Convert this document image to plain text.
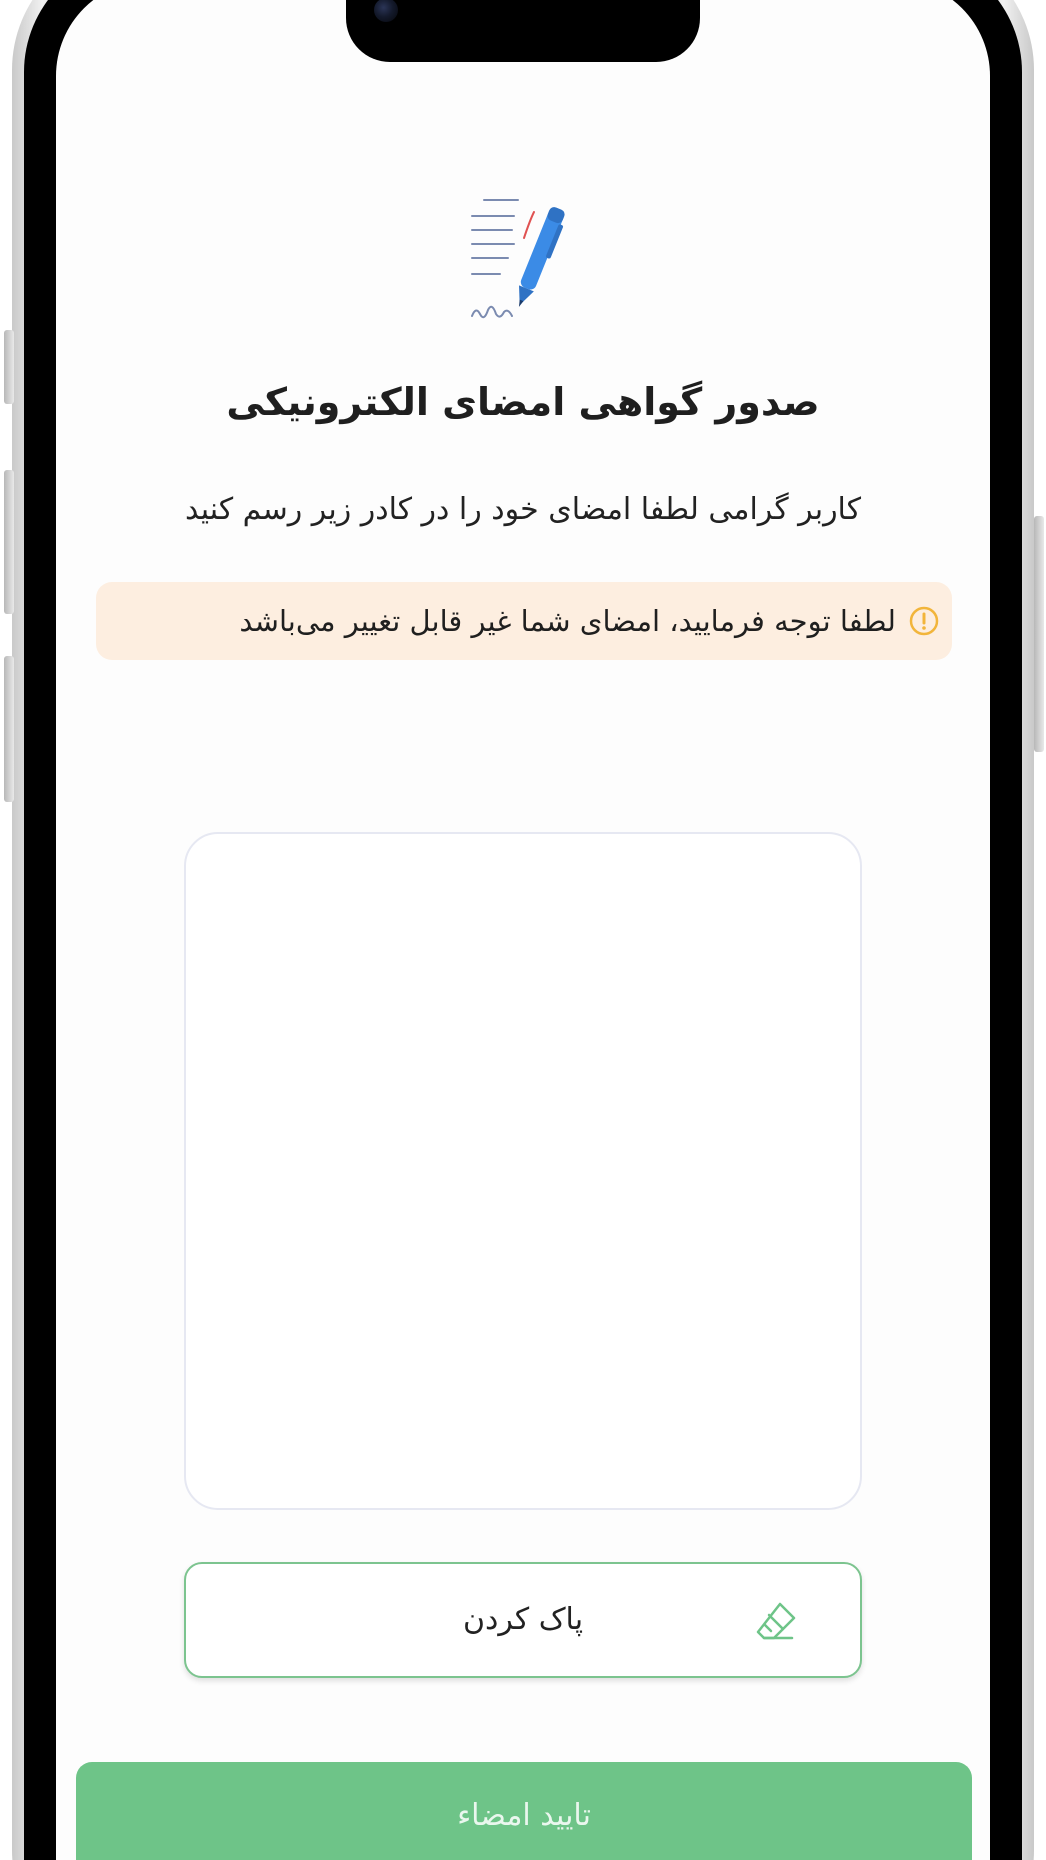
صدور گواهی امضای الکترونیکی
کاربر گرامی لطفا امضای خود را در کادر زیر رسم کنید
لطفا توجه فرمایید، امضای شما غیر قابل تغییر می‌باشد
پاک کردن
تایید امضاء
